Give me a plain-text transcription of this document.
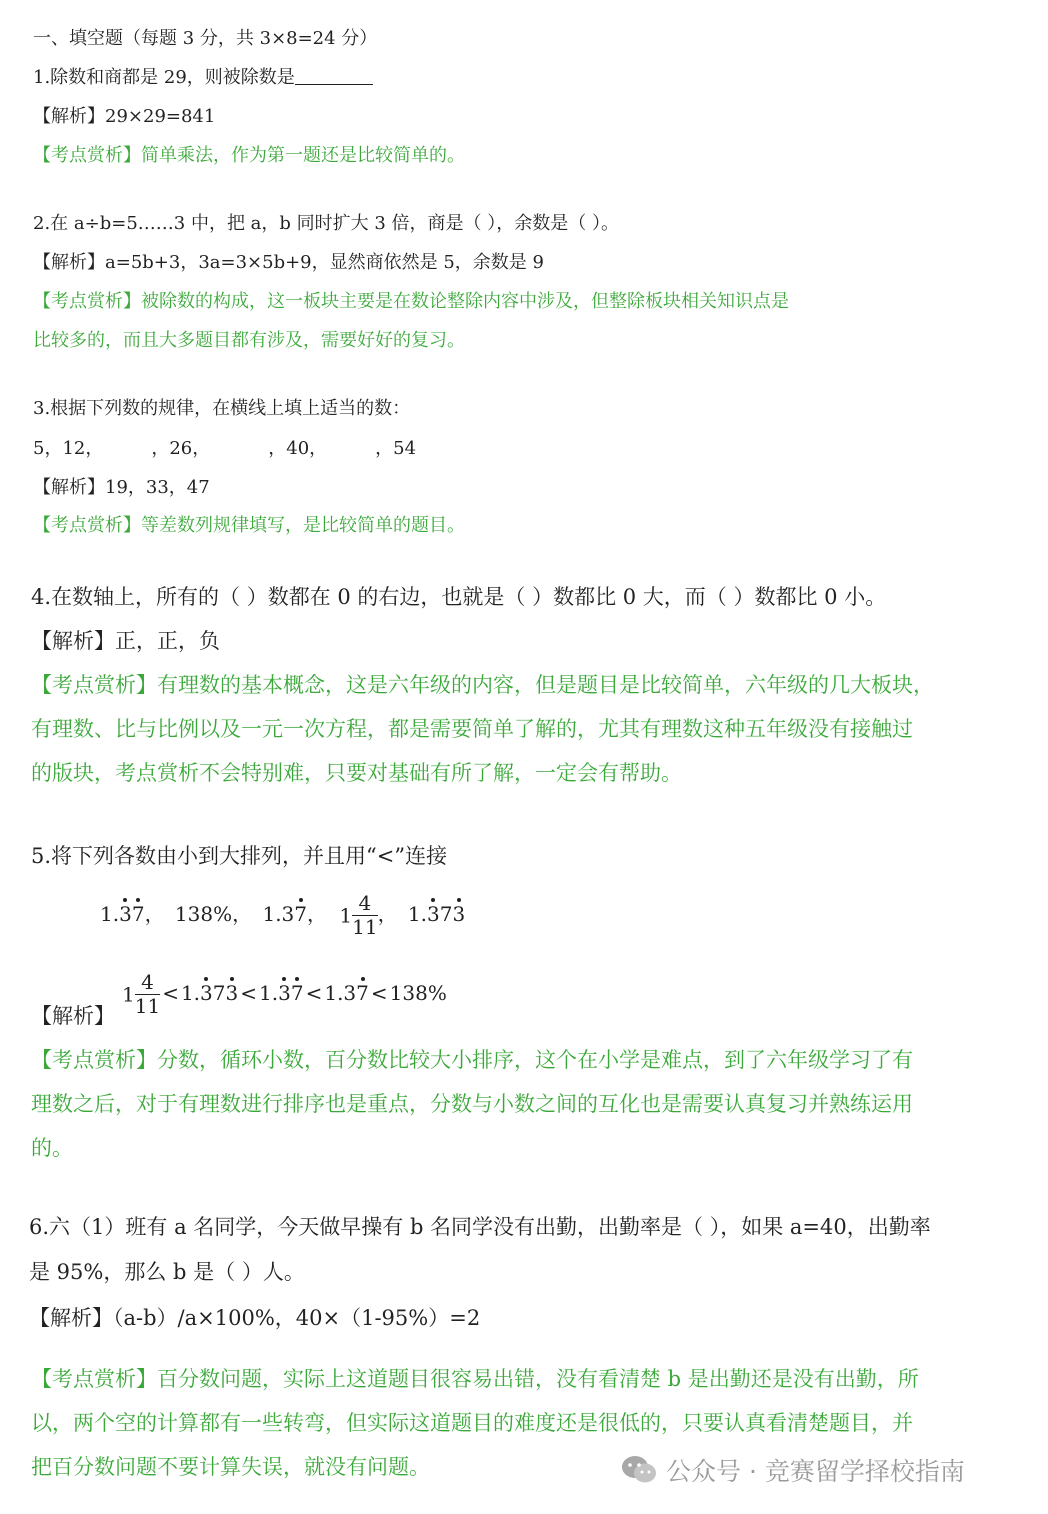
一、填空题（每题 3 分，共 3×8=24 分）
1.除数和商都是 29，则被除数是
【解析】29×29=841
【考点赏析】简单乘法，作为第一题还是比较简单的。
2.在 a÷b=5……3 中，把 a，b 同时扩大 3 倍，商是（ ），余数是（ ）。
【解析】a=5b+3，3a=3×5b+9，显然商依然是 5，余数是 9
【考点赏析】被除数的构成，这一板块主要是在数论整除内容中涉及，但整除板块相关知识点是
比较多的，而且大多题目都有涉及，需要好好的复习。
3.根据下列数的规律，在横线上填上适当的数：
5，12，	，26，	，40，	，54
【解析】19，33，47
【考点赏析】等差数列规律填写，是比较简单的题目。
4.在数轴上，所有的（ ）数都在 0 的右边，也就是（ ）数都比 0 大，而（ ）数都比 0 小。
【解析】正，正，负
【考点赏析】有理数的基本概念，这是六年级的内容，但是题目是比较简单，六年级的几大板块，
有理数、比与比例以及一元一次方程，都是需要简单了解的，尤其有理数这种五年级没有接触过
的版块，考点赏析不会特别难，只要对基础有所了解，一定会有帮助。
5.将下列各数由小到大排列，并且用“<”连接
1.37， 138%， 1.37， $1 \frac{4}{11}$ ， 1.373
$1 \frac{4}{11} < 1.373 < 1.37 < 1.37 < 138\%$
【解析】
【考点赏析】分数，循环小数，百分数比较大小排序，这个在小学是难点，到了六年级学习了有
理数之后，对于有理数进行排序也是重点，分数与小数之间的互化也是需要认真复习并熟练运用
的。
6.六（1）班有 a 名同学，今天做早操有 b 名同学没有出勤，出勤率是（ ），如果 a=40，出勤率
是 95%，那么 b 是（ ）人。
【解析】（a-b）/a×100%，40×（1-95%）=2
【考点赏析】百分数问题，实际上这道题目很容易出错，没有看清楚 b 是出勤还是没有出勤，所
以，两个空的计算都有一些转弯，但实际这道题目的难度还是很低的，只要认真看清楚题目，并
把百分数问题不要计算失误，就没有问题。	公众号 · 竞赛留学择校指南
